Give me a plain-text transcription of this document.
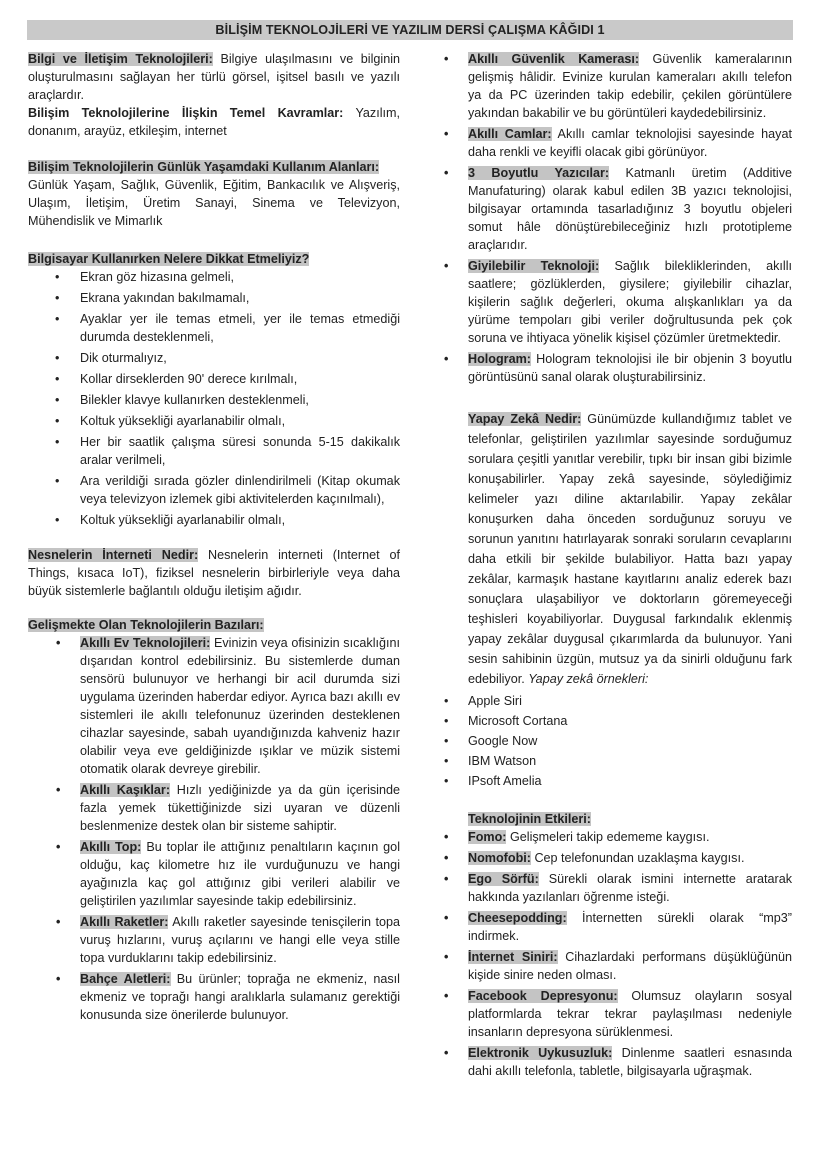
BİLİŞİM TEKNOLOJİLERİ VE YAZILIM DERSİ ÇALIŞMA KÂĞIDI 1

Bilgi ve İletişim Teknolojileri: Bilgiye ulaşılmasını ve bilginin oluşturulmasını sağlayan her türlü görsel, işitsel basılı ve yazılı araçlardır.

Bilişim Teknolojilerine İlişkin Temel Kavramlar: Yazılım, donanım, arayüz, etkileşim, internet

Bilişim Teknolojilerin Günlük Yaşamdaki Kullanım Alanları:

Günlük Yaşam, Sağlık, Güvenlik, Eğitim, Bankacılık ve Alışveriş, Ulaşım, İletişim, Üretim Sanayi, Sinema ve Televizyon, Mühendislik ve Mimarlık

Bilgisayar Kullanırken Nelere Dikkat Etmeliyiz?

• Ekran göz hizasına gelmeli,
• Ekrana yakından bakılmamalı,
• Ayaklar yer ile temas etmeli, yer ile temas etmediği durumda desteklenmeli,
• Dik oturmalıyız,
• Kollar dirseklerden 90' derece kırılmalı,
• Bilekler klavye kullanırken desteklenmeli,
• Koltuk yüksekliği ayarlanabilir olmalı,
• Her bir saatlik çalışma süresi sonunda 5-15 dakikalık aralar verilmeli,
• Ara verildiği sırada gözler dinlendirilmeli (Kitap okumak veya televizyon izlemek gibi aktivitelerden kaçınılmalı),
• Koltuk yüksekliği ayarlanabilir olmalı,

Nesnelerin İnterneti Nedir: Nesnelerin interneti (Internet of Things, kısaca IoT), fiziksel nesnelerin birbirleriyle veya daha büyük sistemlerle bağlantılı olduğu iletişim ağıdır.

Gelişmekte Olan Teknolojilerin Bazıları:

• Akıllı Ev Teknolojileri: Evinizin veya ofisinizin sıcaklığını dışarıdan kontrol edebilirsiniz. Bu sistemlerde duman sensörü bulunuyor ve herhangi bir acil durumda sizi uygulama üzerinden haberdar ediyor. Ayrıca bazı akıllı ev sistemleri ile akıllı telefonunuz üzerinden desteklenen cihazlar sayesinde, sabah uyandığınızda kahveniz hazır olabilir veya eve geldiğinizde ışıklar ve müzik sistemi otomatik olarak devreye girebilir.
• Akıllı Kaşıklar: Hızlı yediğinizde ya da gün içerisinde fazla yemek tükettiğinizde sizi uyaran ve düzenli beslenmenize destek olan bir sisteme sahiptir.
• Akıllı Top: Bu toplar ile attığınız penaltıların kaçının gol olduğu, kaç kilometre hız ile vurduğunuzu ve hangi ayağınızla kaç gol attığınız gibi verileri alabilir ve geliştirilen yazılımlar sayesinde takip edebilirsiniz.
• Akıllı Raketler: Akıllı raketler sayesinde tenisçilerin topa vuruş hızlarını, vuruş açılarını ve hangi elle veya stille topa vurduklarını takip edebilirsiniz.
• Bahçe Aletleri: Bu ürünler; toprağa ne ekmeniz, nasıl ekmeniz ve toprağı hangi aralıklarla sulamanız gerektiği konusunda size önerilerde bulunuyor.
• Akıllı Güvenlik Kamerası: Güvenlik kameralarının gelişmiş hâlidir. Evinize kurulan kameraları akıllı telefon ya da PC üzerinden takip edebilir, çekilen görüntülere yakından bakabilir ve bu görüntüleri kaydedebilirsiniz.
• Akıllı Camlar: Akıllı camlar teknolojisi sayesinde hayat daha renkli ve keyifli olacak gibi görünüyor.
• 3 Boyutlu Yazıcılar: Katmanlı üretim (Additive Manufaturing) olarak kabul edilen 3B yazıcı teknolojisi, bilgisayar ortamında tasarladığınız 3 boyutlu objeleri somut hâle dönüştürebileceğiniz hızlı prototipleme araçlarıdır.
• Giyilebilir Teknoloji: Sağlık bilekliklerinden, akıllı saatlere; gözlüklerden, giysilere; giyilebilir cihazlar, kişilerin sağlık değerleri, okuma alışkanlıkları ya da yürüme tempoları gibi veriler doğrultusunda pek çok soruna ve ihtiyaca yönelik kişisel çözümler üretmektedir.
• Hologram: Hologram teknolojisi ile bir objenin 3 boyutlu görüntüsünü sanal olarak oluşturabilirsiniz.

Yapay Zekâ Nedir: Günümüzde kullandığımız tablet ve telefonlar, geliştirilen yazılımlar sayesinde sorduğumuz sorulara çeşitli yanıtlar verebilir, tıpkı bir insan gibi bizimle konuşabilirler. Yapay zekâ sayesinde, söylediğimiz kelimeler yazı diline aktarılabilir. Yapay zekâlar konuşurken daha önceden sorduğunuz soruyu ve sorunun yanıtını hatırlayarak sonraki soruların cevaplarını daha etkili bir şekilde bulabiliyor. Hatta bazı yapay zekâlar, karmaşık hastane kayıtlarını analiz ederek bazı sonuçlara ulaşabiliyor ve doktorların göremeyeceği teşhisleri koyabiliyorlar. Duygusal farkındalık eklenmiş yapay zekâlar duygusal çıkarımlarda da bulunuyor. Yani sesin sahibinin üzgün, mutsuz ya da sinirli olduğunu fark edebiliyor. Yapay zekâ örnekleri:

• Apple Siri
• Microsoft Cortana
• Google Now
• IBM Watson
• IPsoft Amelia

Teknolojinin Etkileri:

• Fomo: Gelişmeleri takip edememe kaygısı.
• Nomofobi: Cep telefonundan uzaklaşma kaygısı.
• Ego Sörfü: Sürekli olarak ismini internette aratarak hakkında yazılanları öğrenme isteği.
• Cheesepodding: İnternetten sürekli olarak “mp3” indirmek.
• İnternet Siniri: Cihazlardaki performans düşüklüğünün kişide sinire neden olması.
• Facebook Depresyonu: Olumsuz olayların sosyal platformlarda tekrar tekrar paylaşılması nedeniyle insanların depresyona sürüklenmesi.
• Elektronik Uykusuzluk: Dinlenme saatleri esnasında dahi akıllı telefonla, tabletle, bilgisayarla uğraşmak.
